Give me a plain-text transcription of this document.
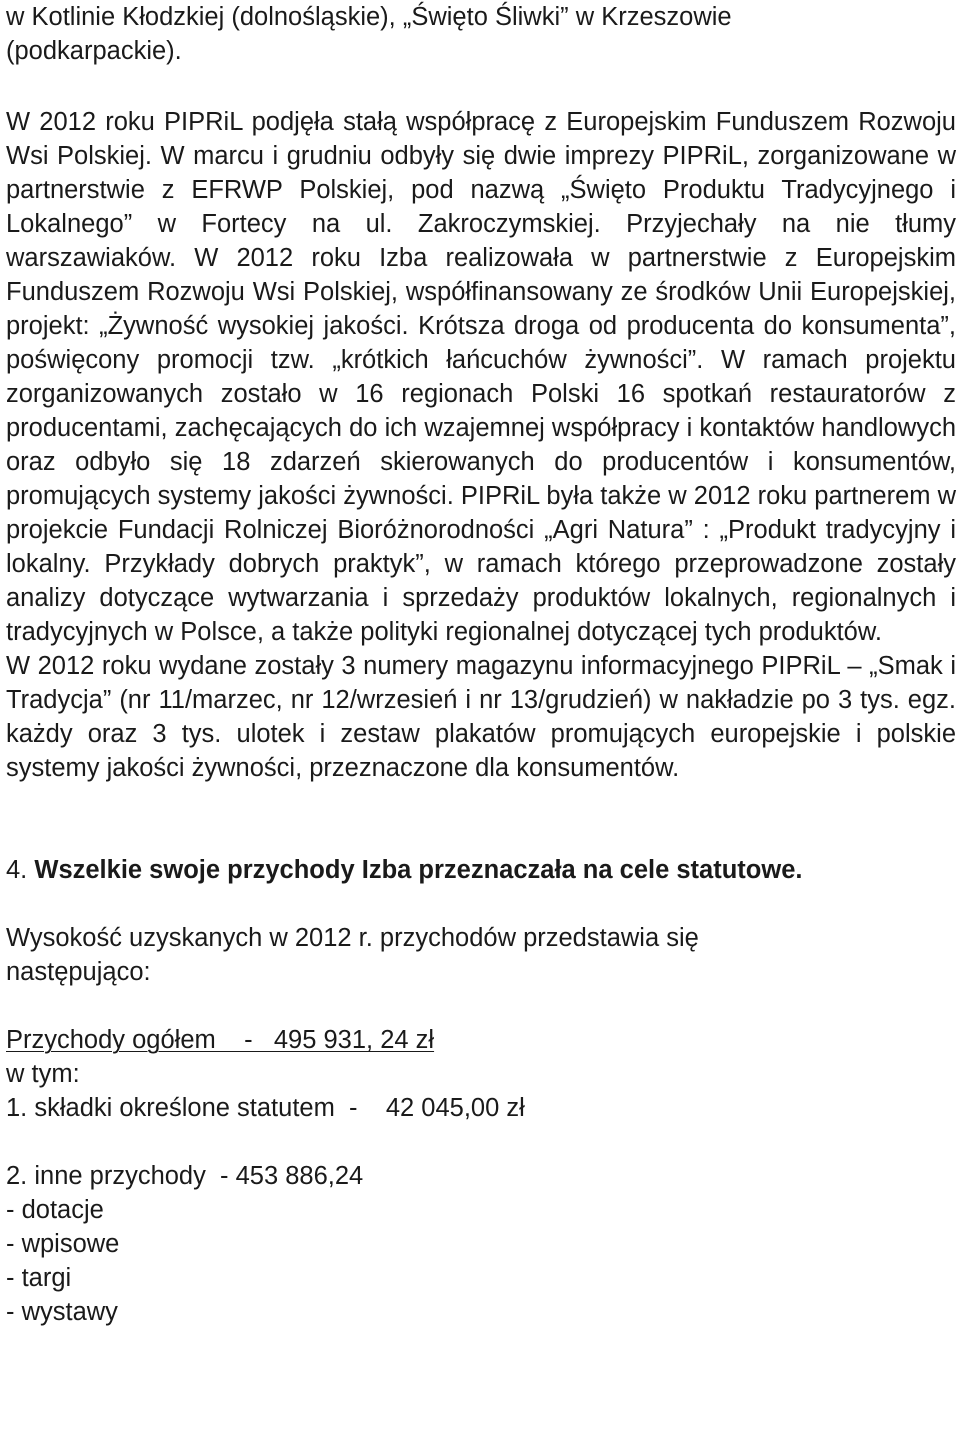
w Kotlinie Kłodzkiej (dolnośląskie), „Święto Śliwki” w Krzeszowie (podkarpackie).

W 2012 roku PIPRiL podjęła stałą współpracę z Europejskim Funduszem Rozwoju Wsi Polskiej. W marcu i grudniu odbyły się dwie imprezy PIPRiL, zorganizowane w partnerstwie z EFRWP Polskiej, pod nazwą „Święto Produktu Tradycyjnego i Lokalnego” w Fortecy na ul. Zakroczymskiej. Przyjechały na nie tłumy warszawiaków. W 2012 roku Izba realizowała w partnerstwie z Europejskim Funduszem Rozwoju Wsi Polskiej, współfinansowany ze środków Unii Europejskiej, projekt: „Żywność wysokiej jakości. Krótsza droga od producenta do konsumenta”, poświęcony promocji tzw. „krótkich łańcuchów żywności”. W ramach projektu zorganizowanych zostało w 16 regionach Polski 16 spotkań restauratorów z producentami, zachęcających do ich wzajemnej współpracy i kontaktów handlowych oraz odbyło się 18 zdarzeń skierowanych do producentów i konsumentów, promujących systemy jakości żywności. PIPRiL była także w 2012 roku partnerem w projekcie Fundacji Rolniczej Bioróżnorodności „Agri Natura” : „Produkt tradycyjny i lokalny. Przykłady dobrych praktyk”, w ramach którego przeprowadzone zostały analizy dotyczące wytwarzania i sprzedaży produktów lokalnych, regionalnych i tradycyjnych w Polsce, a także polityki regionalnej dotyczącej tych produktów.

W 2012 roku wydane zostały 3 numery magazynu informacyjnego PIPRiL – „Smak i Tradycja” (nr 11/marzec, nr 12/wrzesień i nr 13/grudzień) w nakładzie po 3 tys. egz. każdy oraz 3 tys. ulotek i zestaw plakatów promujących europejskie i polskie systemy jakości żywności, przeznaczone dla konsumentów.

4. Wszelkie swoje przychody Izba przeznaczała na cele statutowe.

Wysokość uzyskanych w 2012 r. przychodów przedstawia się następująco:

Przychody ogółem    -   495 931, 24 zł

w tym:

1. składki określone statutem  -    42 045,00 zł

2. inne przychody  - 453 886,24

- dotacje

- wpisowe

- targi

- wystawy
